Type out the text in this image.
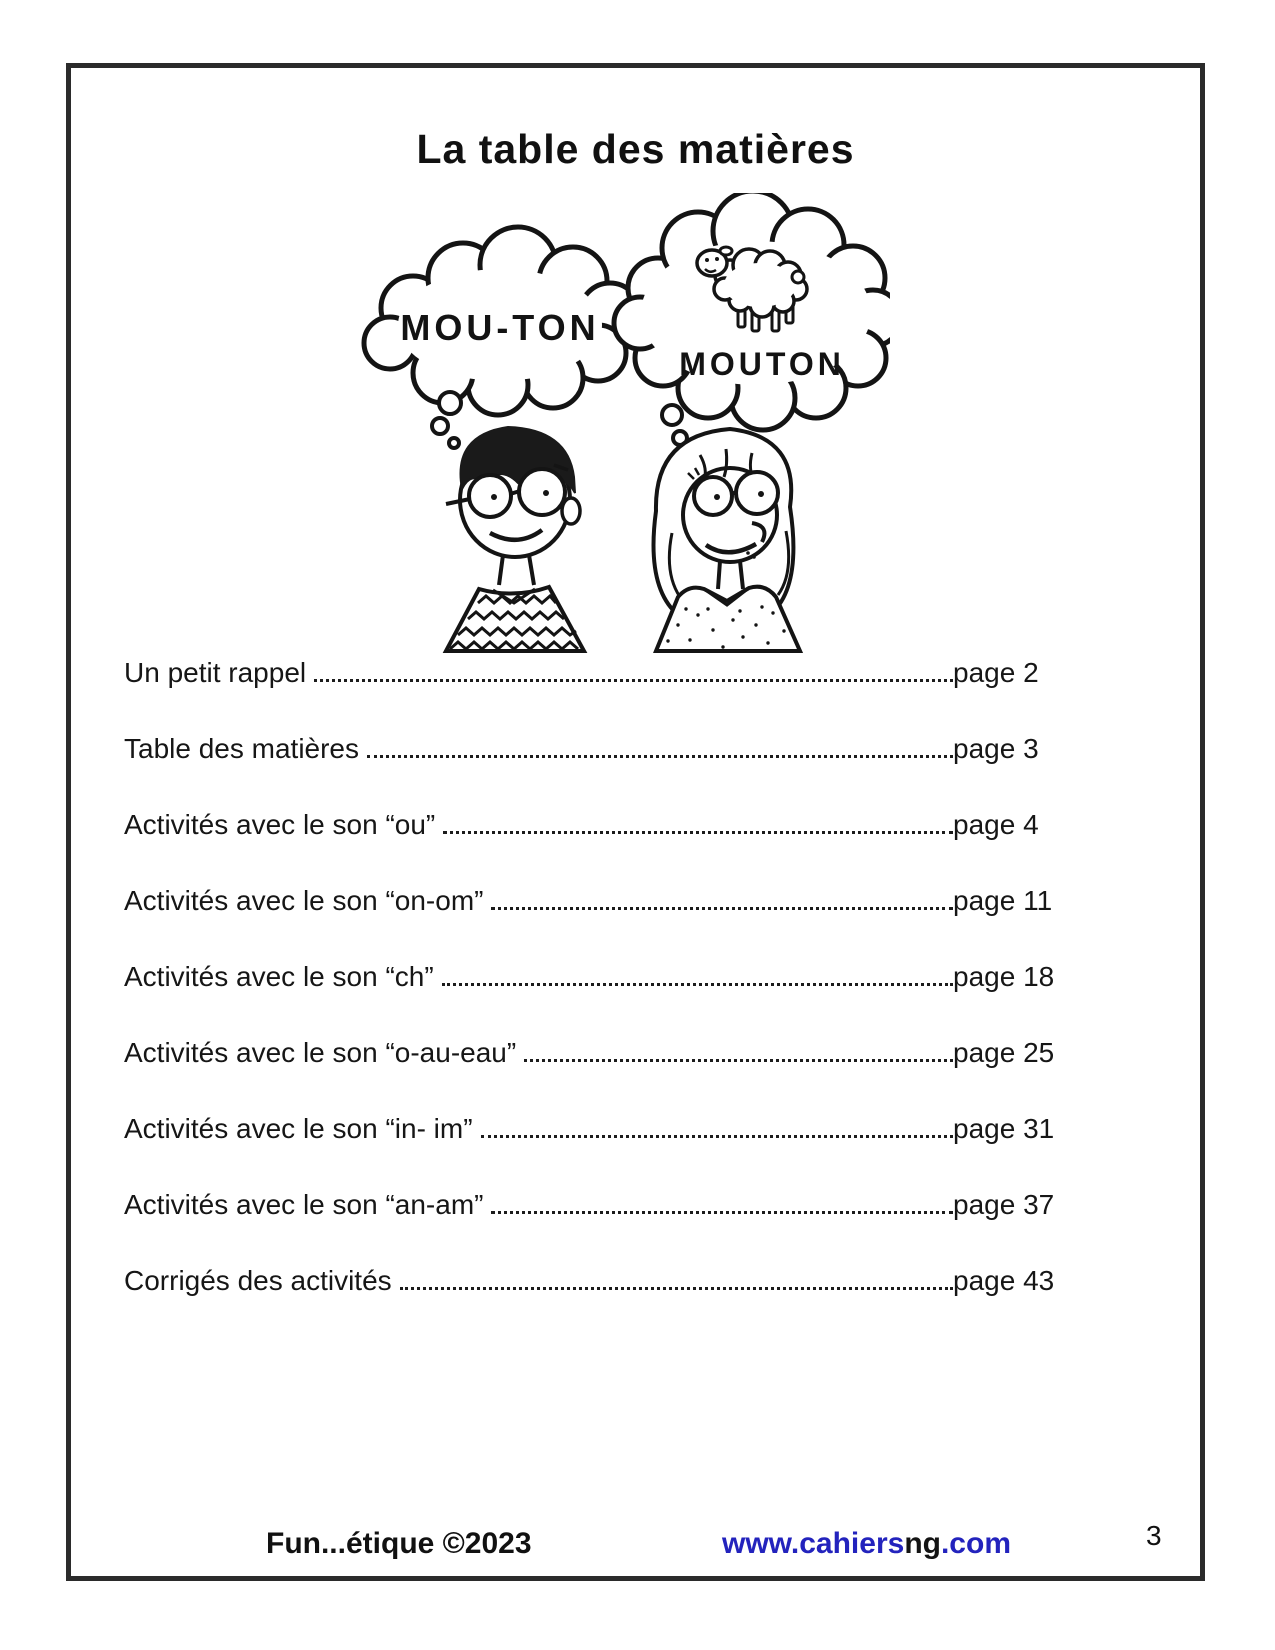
La table des matières
MOU-TON
MOUTON
Un petit rappel	page 2
Table des matières	page 3
Activités avec le son “ou”	page 4
Activités avec le son “on-om”	page 11
Activités avec le son “ch”	page 18
Activités avec le son “o-au-eau”	page 25
Activités avec le son “in- im”	page 31
Activités avec le son “an-am”	page 37
Corrigés des activités	page 43
Fun...étique ©2023	www.cahiersng.com	3
